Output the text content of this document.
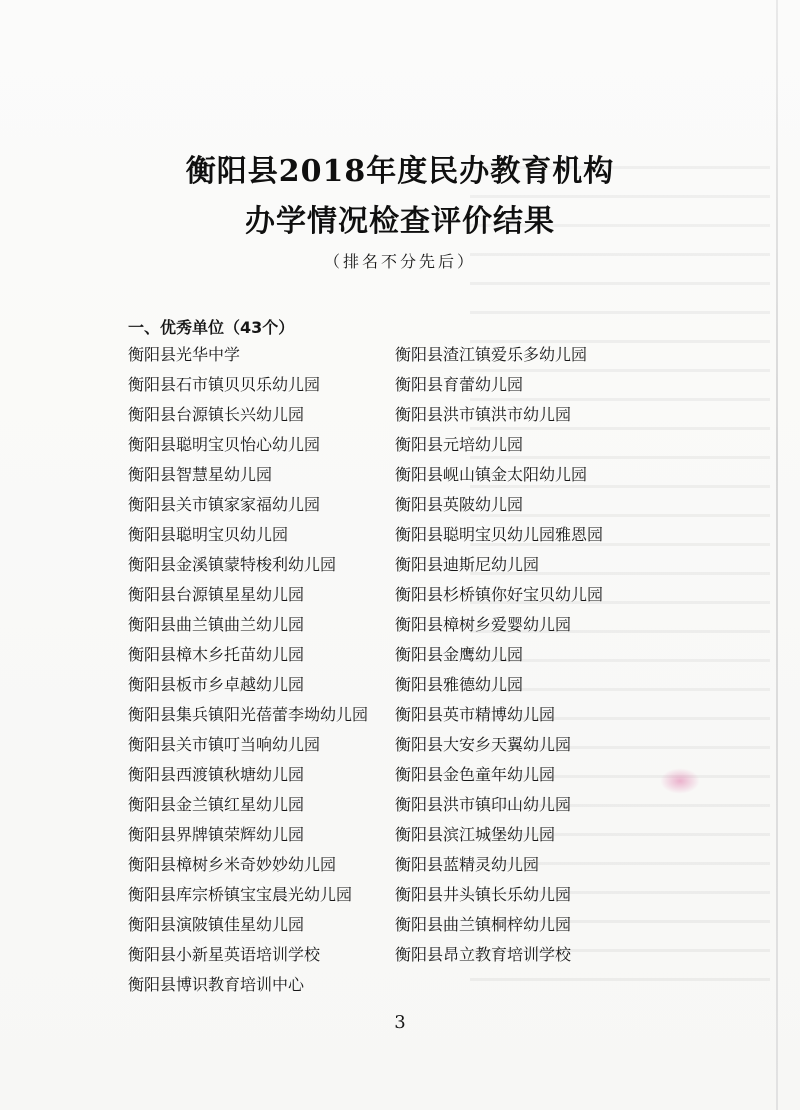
衡阳县2018年度民办教育机构
办学情况检查评价结果
（排名不分先后）
一、优秀单位（43个）
衡阳县光华中学
衡阳县石市镇贝贝乐幼儿园
衡阳县台源镇长兴幼儿园
衡阳县聪明宝贝怡心幼儿园
衡阳县智慧星幼儿园
衡阳县关市镇家家福幼儿园
衡阳县聪明宝贝幼儿园
衡阳县金溪镇蒙特梭利幼儿园
衡阳县台源镇星星幼儿园
衡阳县曲兰镇曲兰幼儿园
衡阳县樟木乡托苗幼儿园
衡阳县板市乡卓越幼儿园
衡阳县集兵镇阳光蓓蕾李坳幼儿园
衡阳县关市镇叮当响幼儿园
衡阳县西渡镇秋塘幼儿园
衡阳县金兰镇红星幼儿园
衡阳县界牌镇荣辉幼儿园
衡阳县樟树乡米奇妙妙幼儿园
衡阳县库宗桥镇宝宝晨光幼儿园
衡阳县演陂镇佳星幼儿园
衡阳县小新星英语培训学校
衡阳县博识教育培训中心
衡阳县渣江镇爱乐多幼儿园
衡阳县育蕾幼儿园
衡阳县洪市镇洪市幼儿园
衡阳县元培幼儿园
衡阳县岘山镇金太阳幼儿园
衡阳县英陂幼儿园
衡阳县聪明宝贝幼儿园雅恩园
衡阳县迪斯尼幼儿园
衡阳县杉桥镇你好宝贝幼儿园
衡阳县樟树乡爱婴幼儿园
衡阳县金鹰幼儿园
衡阳县雅德幼儿园
衡阳县英市精博幼儿园
衡阳县大安乡天翼幼儿园
衡阳县金色童年幼儿园
衡阳县洪市镇印山幼儿园
衡阳县滨江城堡幼儿园
衡阳县蓝精灵幼儿园
衡阳县井头镇长乐幼儿园
衡阳县曲兰镇桐梓幼儿园
衡阳县昂立教育培训学校
3
